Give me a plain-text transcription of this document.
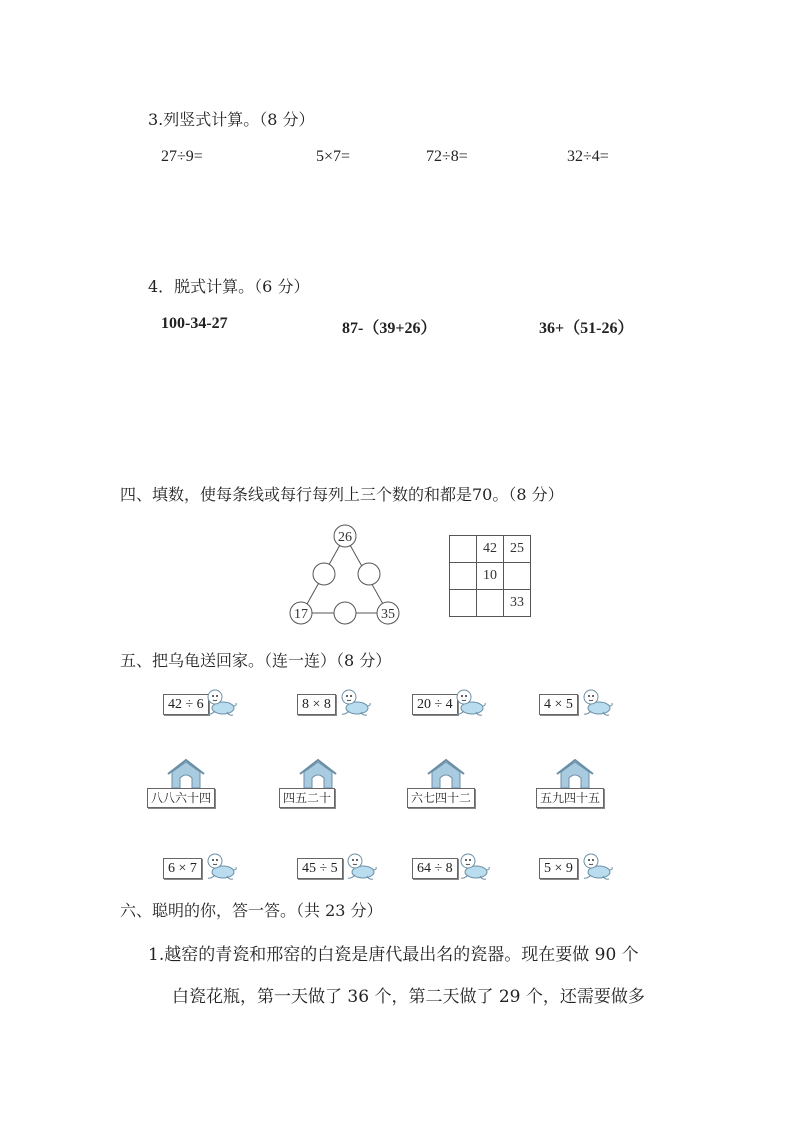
3.列竖式计算。（8 分）
27÷9=	5×7=	72÷8=	32÷4=
4．脱式计算。（6 分）
100-34-27	87-（39+26）	36+（51-26）
四、填数，使每条线或每行每列上三个数的和都是70。（8 分）
26
17	35
	42	25
	10	
		33
五、把乌龟送回家。（连一连）（8 分）
42 ÷ 6	8 × 8	20 ÷ 4	4 × 5
八八六十四	四五二十	六七四十二	五九四十五
6 × 7	45 ÷ 5	64 ÷ 8	5 × 9
六、聪明的你，答一答。（共 23 分）
1.越窑的青瓷和邢窑的白瓷是唐代最出名的瓷器。现在要做 90 个
白瓷花瓶，第一天做了 36 个，第二天做了 29 个，还需要做多
